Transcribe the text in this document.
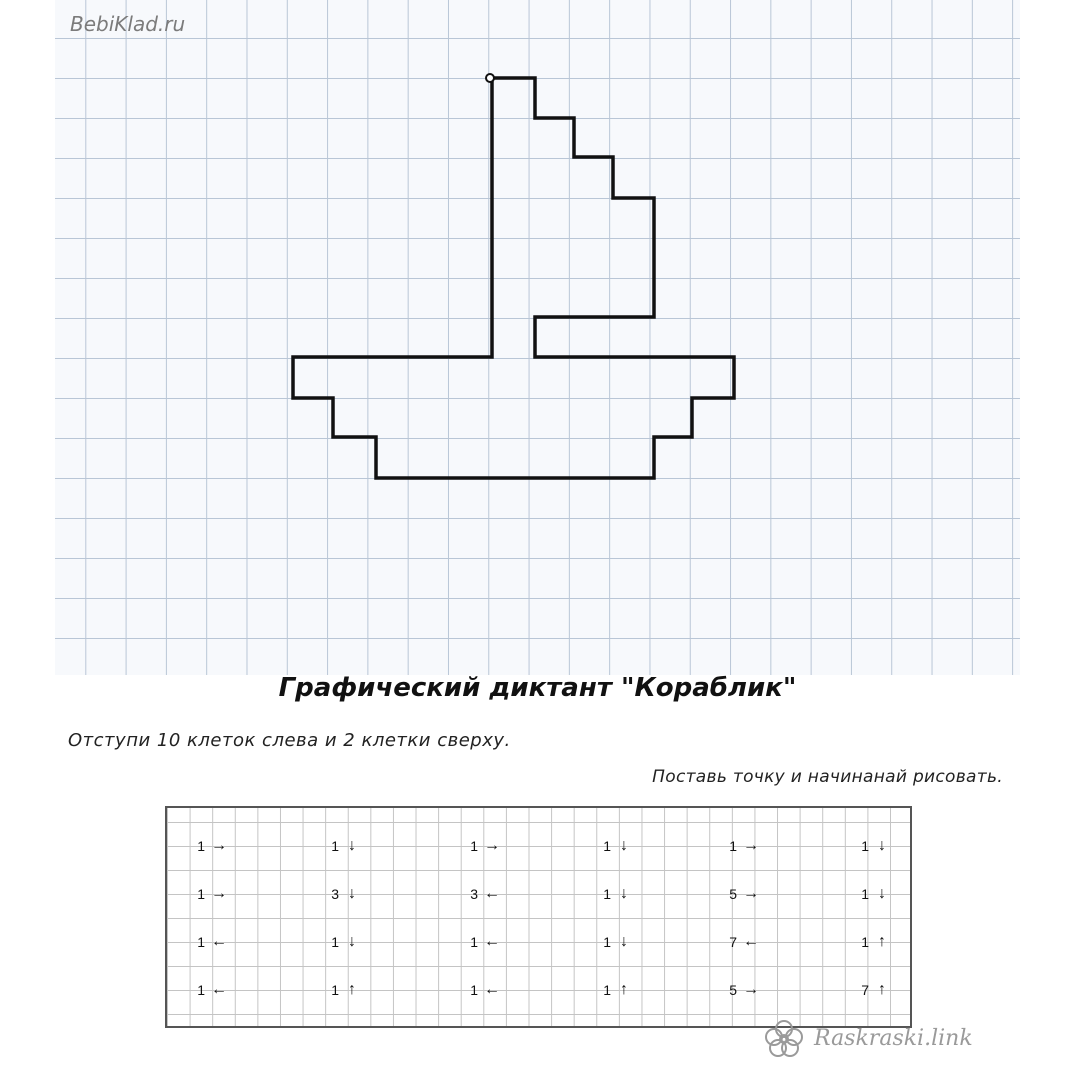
BebiKlad.ru
Графический диктант "Кораблик"
Отступи 10 клеток слева и 2 клетки сверху.
Поставь точку и начинанай рисовать.
1 →
1 →
1 ←
1 ←
1 ↓
3 ↓
1 ↓
1 ↑
1 →
3 ←
1 ←
1 ←
1 ↓
1 ↓
1 ↓
1 ↑
1 →
5 →
7 ←
5 →
1 ↓
1 ↓
1 ↑
7 ↑
Raskraski.link
